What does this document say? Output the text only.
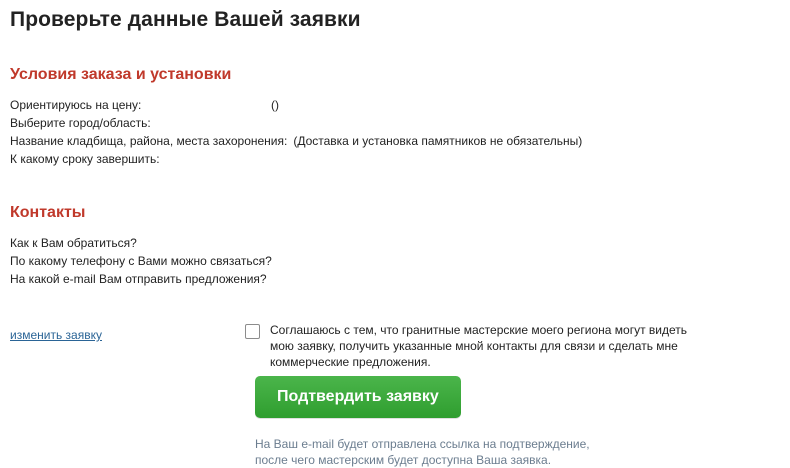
Проверьте данные Вашей заявки
Условия заказа и установки
Ориентируюсь на цену:	()
Выберите город/область:
Название кладбища, района, места захоронения: (Доставка и установка памятников не обязательны)
К какому сроку завершить:
Контакты
Как к Вам обратиться?
По какому телефону с Вами можно связаться?
На какой e-mail Вам отправить предложения?
изменить заявку	Соглашаюсь с тем, что гранитные мастерские моего региона могут видеть мою заявку, получить указанные мной контакты для связи и сделать мне коммерческие предложения.
Подтвердить заявку
На Ваш e-mail будет отправлена ссылка на подтверждение,
после чего мастерским будет доступна Ваша заявка.
